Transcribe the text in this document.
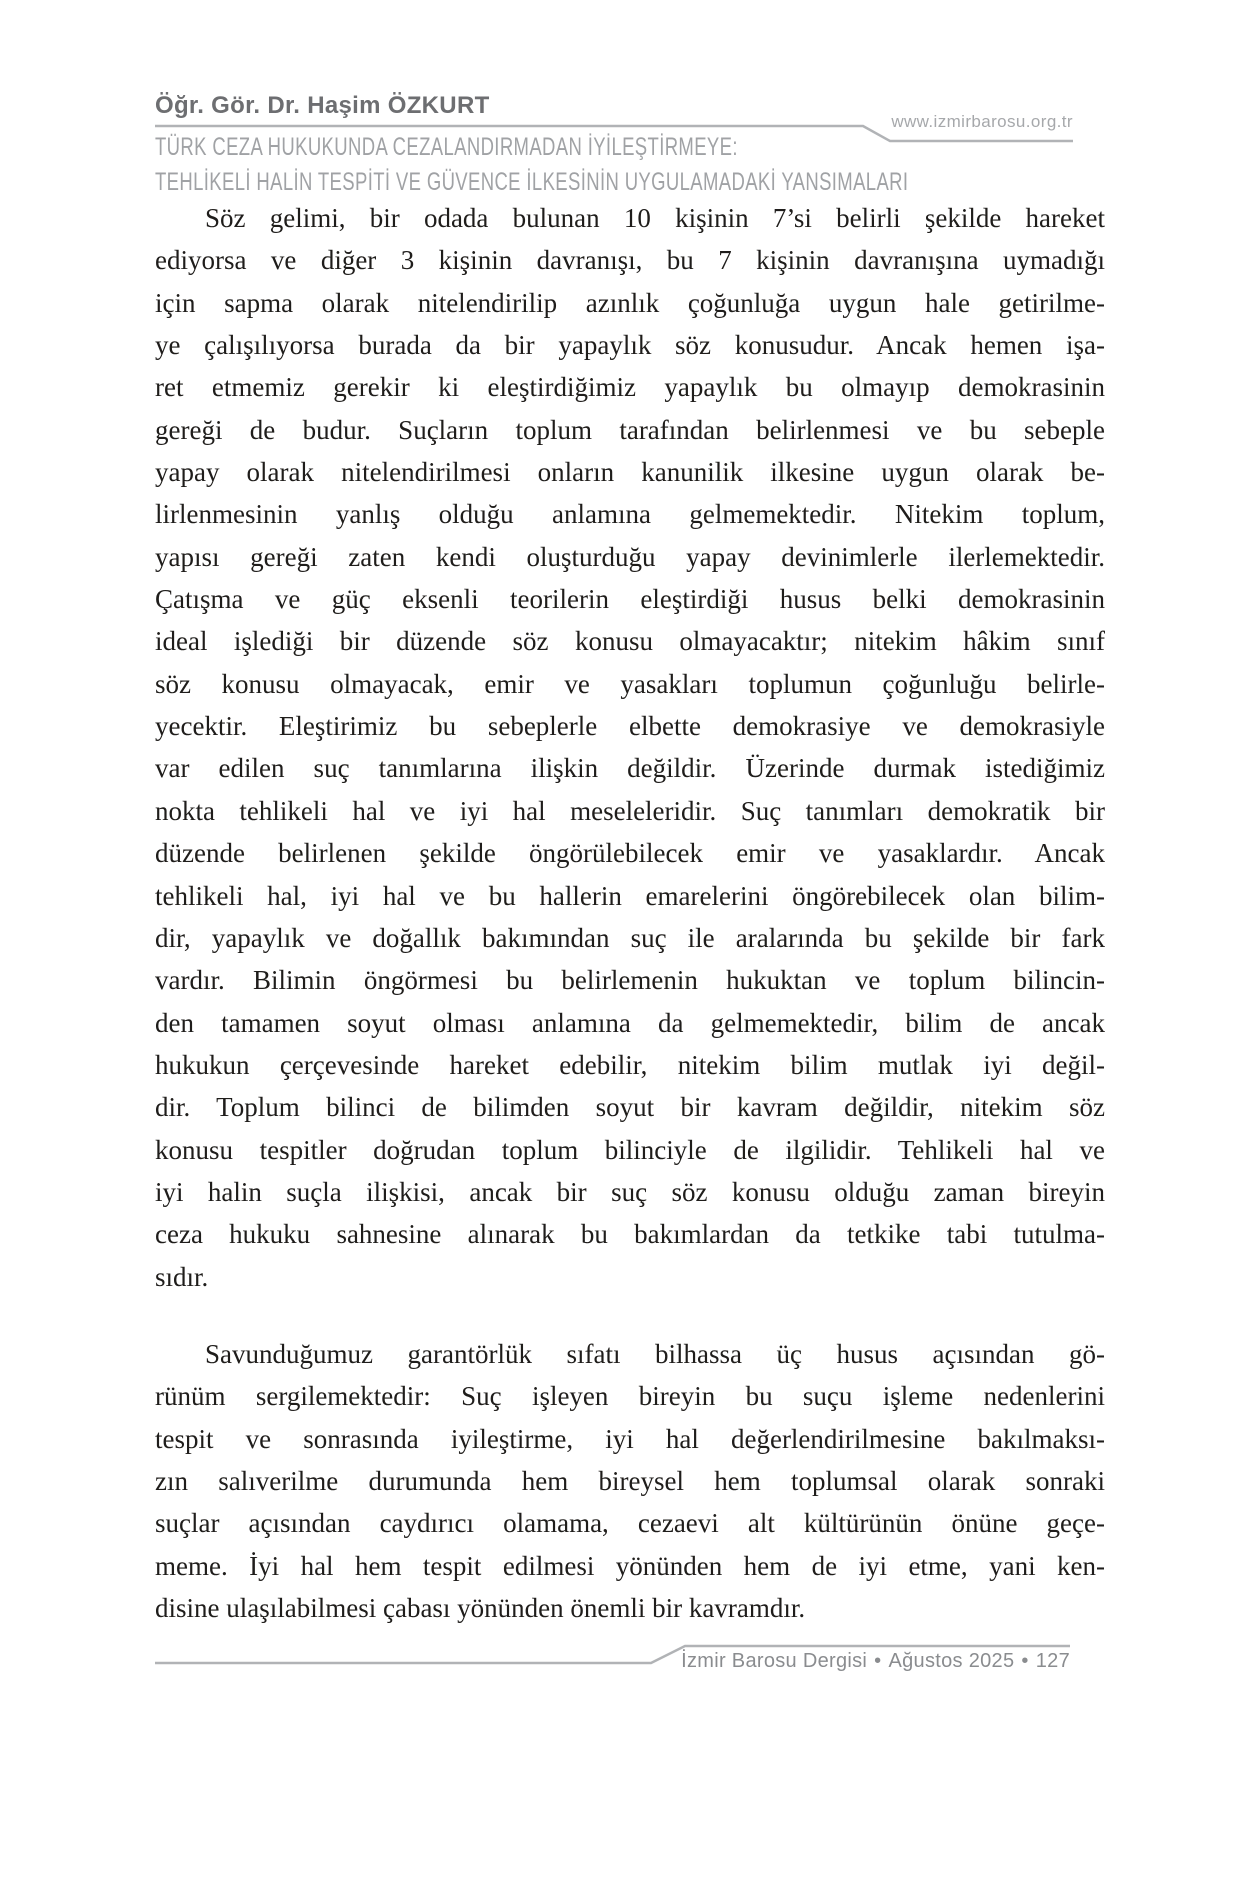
Öğr. Gör. Dr. Haşim ÖZKURT
www.izmirbarosu.org.tr
TÜRK CEZA HUKUKUNDA CEZALANDIRMADAN İYİLEŞTİRMEYE:
TEHLİKELİ HALİN TESPİTİ VE GÜVENCE İLKESİNİN UYGULAMADAKİ YANSIMALARI
Söz gelimi, bir odada bulunan 10 kişinin 7’si belirli şekilde hareket
ediyorsa ve diğer 3 kişinin davranışı, bu 7 kişinin davranışına uymadığı
için sapma olarak nitelendirilip azınlık çoğunluğa uygun hale getirilme-
ye çalışılıyorsa burada da bir yapaylık söz konusudur. Ancak hemen işa-
ret etmemiz gerekir ki eleştirdiğimiz yapaylık bu olmayıp demokrasinin
gereği de budur. Suçların toplum tarafından belirlenmesi ve bu sebeple
yapay olarak nitelendirilmesi onların kanunilik ilkesine uygun olarak be-
lirlenmesinin yanlış olduğu anlamına gelmemektedir. Nitekim toplum,
yapısı gereği zaten kendi oluşturduğu yapay devinimlerle ilerlemektedir.
Çatışma ve güç eksenli teorilerin eleştirdiği husus belki demokrasinin
ideal işlediği bir düzende söz konusu olmayacaktır; nitekim hâkim sınıf
söz konusu olmayacak, emir ve yasakları toplumun çoğunluğu belirle-
yecektir. Eleştirimiz bu sebeplerle elbette demokrasiye ve demokrasiyle
var edilen suç tanımlarına ilişkin değildir. Üzerinde durmak istediğimiz
nokta tehlikeli hal ve iyi hal meseleleridir. Suç tanımları demokratik bir
düzende belirlenen şekilde öngörülebilecek emir ve yasaklardır. Ancak
tehlikeli hal, iyi hal ve bu hallerin emarelerini öngörebilecek olan bilim-
dir, yapaylık ve doğallık bakımından suç ile aralarında bu şekilde bir fark
vardır. Bilimin öngörmesi bu belirlemenin hukuktan ve toplum bilincin-
den tamamen soyut olması anlamına da gelmemektedir, bilim de ancak
hukukun çerçevesinde hareket edebilir, nitekim bilim mutlak iyi değil-
dir. Toplum bilinci de bilimden soyut bir kavram değildir, nitekim söz
konusu tespitler doğrudan toplum bilinciyle de ilgilidir. Tehlikeli hal ve
iyi halin suçla ilişkisi, ancak bir suç söz konusu olduğu zaman bireyin
ceza hukuku sahnesine alınarak bu bakımlardan da tetkike tabi tutulma-
sıdır.
Savunduğumuz garantörlük sıfatı bilhassa üç husus açısından gö-
rünüm sergilemektedir: Suç işleyen bireyin bu suçu işleme nedenlerini
tespit ve sonrasında iyileştirme, iyi hal değerlendirilmesine bakılmaksı-
zın salıverilme durumunda hem bireysel hem toplumsal olarak sonraki
suçlar açısından caydırıcı olamama, cezaevi alt kültürünün önüne geçe-
meme. İyi hal hem tespit edilmesi yönünden hem de iyi etme, yani ken-
disine ulaşılabilmesi çabası yönünden önemli bir kavramdır.
İzmir Barosu Dergisi • Ağustos 2025 • 127
